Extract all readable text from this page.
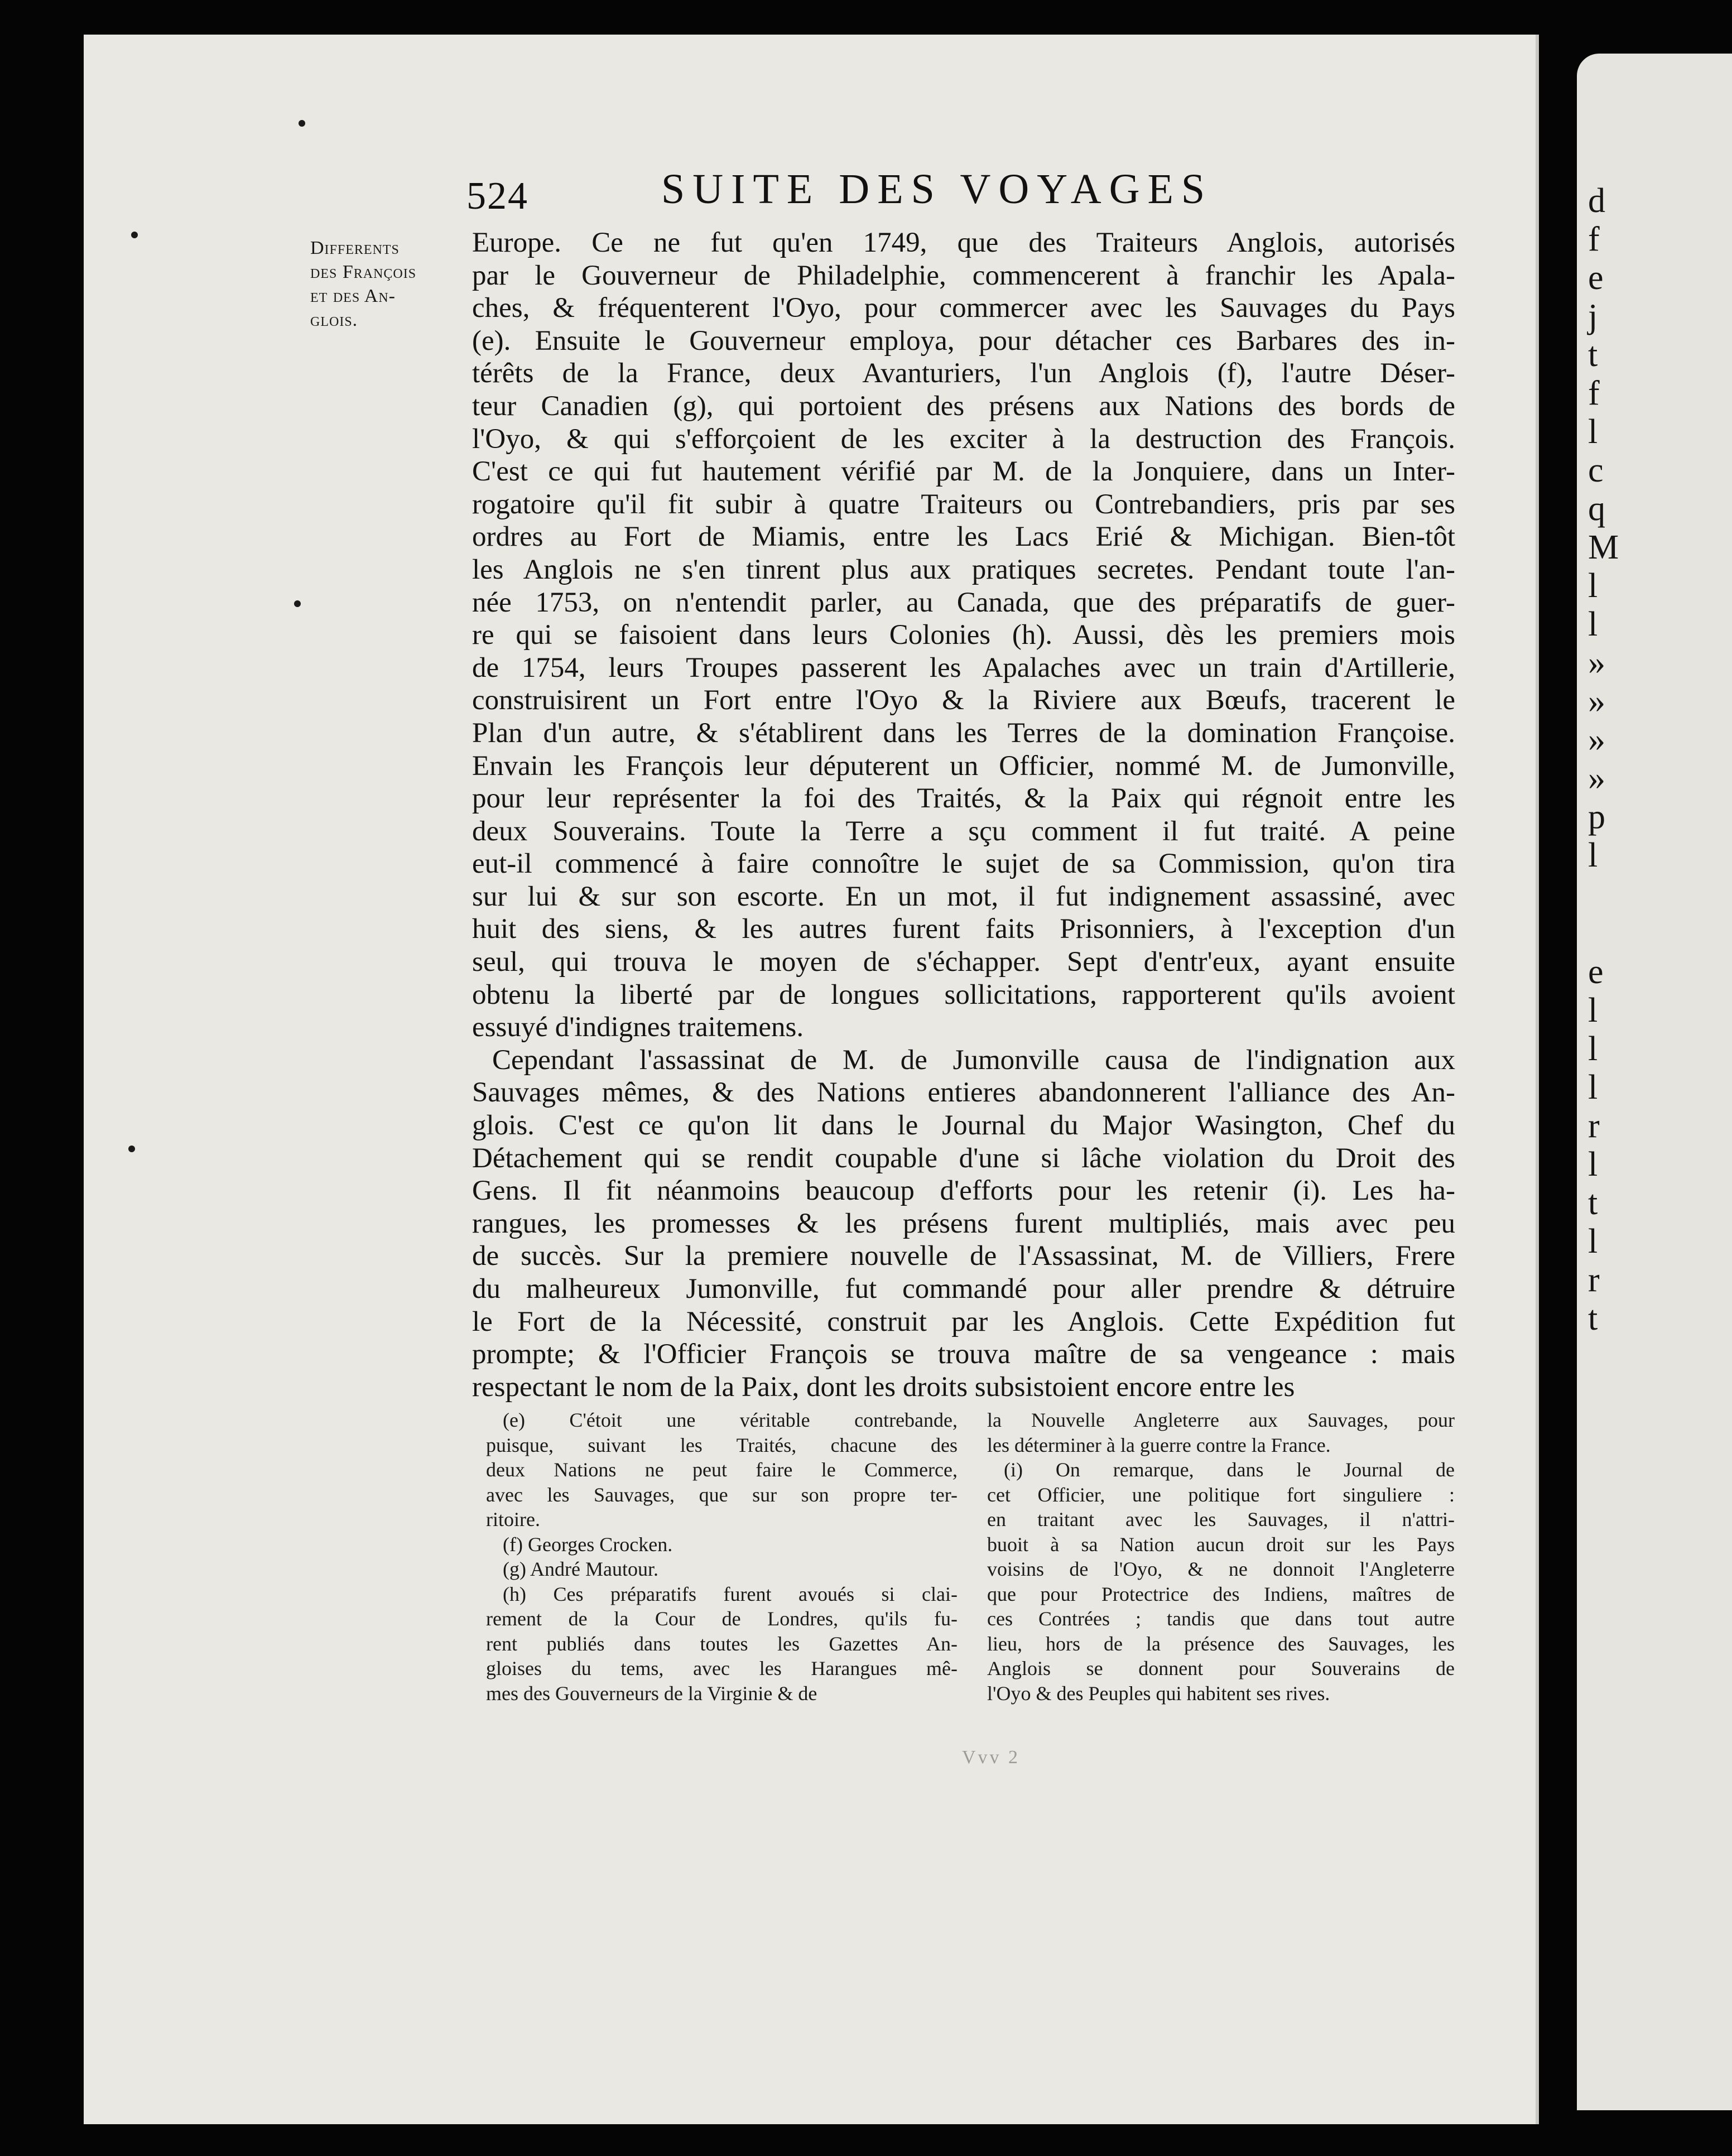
d
f
e
j
t
f
l
c
q
M
l
l
»
»
»
»
p
l
e
l
l
l
r
l
t
l
r
t
524	SUITE DES VOYAGES
Differents
des François
et des An-
glois.
Europe. Ce ne fut qu'en 1749, que des Traiteurs Anglois, autorisés
par le Gouverneur de Philadelphie, commencerent à franchir les Apala-
ches, & fréquenterent l'Oyo, pour commercer avec les Sauvages du Pays
(e). Ensuite le Gouverneur employa, pour détacher ces Barbares des in-
térêts de la France, deux Avanturiers, l'un Anglois (f), l'autre Déser-
teur Canadien (g), qui portoient des présens aux Nations des bords de
l'Oyo, & qui s'efforçoient de les exciter à la destruction des François.
C'est ce qui fut hautement vérifié par M. de la Jonquiere, dans un Inter-
rogatoire qu'il fit subir à quatre Traiteurs ou Contrebandiers, pris par ses
ordres au Fort de Miamis, entre les Lacs Erié & Michigan. Bien-tôt
les Anglois ne s'en tinrent plus aux pratiques secretes. Pendant toute l'an-
née 1753, on n'entendit parler, au Canada, que des préparatifs de guer-
re qui se faisoient dans leurs Colonies (h). Aussi, dès les premiers mois
de 1754, leurs Troupes passerent les Apalaches avec un train d'Artillerie,
construisirent un Fort entre l'Oyo & la Riviere aux Bœufs, tracerent le
Plan d'un autre, & s'établirent dans les Terres de la domination Françoise.
Envain les François leur députerent un Officier, nommé M. de Jumonville,
pour leur représenter la foi des Traités, & la Paix qui régnoit entre les
deux Souverains. Toute la Terre a sçu comment il fut traité. A peine
eut-il commencé à faire connoître le sujet de sa Commission, qu'on tira
sur lui & sur son escorte. En un mot, il fut indignement assassiné, avec
huit des siens, & les autres furent faits Prisonniers, à l'exception d'un
seul, qui trouva le moyen de s'échapper. Sept d'entr'eux, ayant ensuite
obtenu la liberté par de longues sollicitations, rapporterent qu'ils avoient
essuyé d'indignes traitemens.
Cependant l'assassinat de M. de Jumonville causa de l'indignation aux
Sauvages mêmes, & des Nations entieres abandonnerent l'alliance des An-
glois. C'est ce qu'on lit dans le Journal du Major Wasington, Chef du
Détachement qui se rendit coupable d'une si lâche violation du Droit des
Gens. Il fit néanmoins beaucoup d'efforts pour les retenir (i). Les ha-
rangues, les promesses & les présens furent multipliés, mais avec peu
de succès. Sur la premiere nouvelle de l'Assassinat, M. de Villiers, Frere
du malheureux Jumonville, fut commandé pour aller prendre & détruire
le Fort de la Nécessité, construit par les Anglois. Cette Expédition fut
prompte; & l'Officier François se trouva maître de sa vengeance : mais
respectant le nom de la Paix, dont les droits subsistoient encore entre les
(e) C'étoit une véritable contrebande,
puisque, suivant les Traités, chacune des
deux Nations ne peut faire le Commerce,
avec les Sauvages, que sur son propre ter-
ritoire.
(f) Georges Crocken.
(g) André Mautour.
(h) Ces préparatifs furent avoués si clai-
rement de la Cour de Londres, qu'ils fu-
rent publiés dans toutes les Gazettes An-
gloises du tems, avec les Harangues mê-
mes des Gouverneurs de la Virginie & de
la Nouvelle Angleterre aux Sauvages, pour
les déterminer à la guerre contre la France.
(i) On remarque, dans le Journal de
cet Officier, une politique fort singuliere :
en traitant avec les Sauvages, il n'attri-
buoit à sa Nation aucun droit sur les Pays
voisins de l'Oyo, & ne donnoit l'Angleterre
que pour Protectrice des Indiens, maîtres de
ces Contrées ; tandis que dans tout autre
lieu, hors de la présence des Sauvages, les
Anglois se donnent pour Souverains de
l'Oyo & des Peuples qui habitent ses rives.
Vvv 2
